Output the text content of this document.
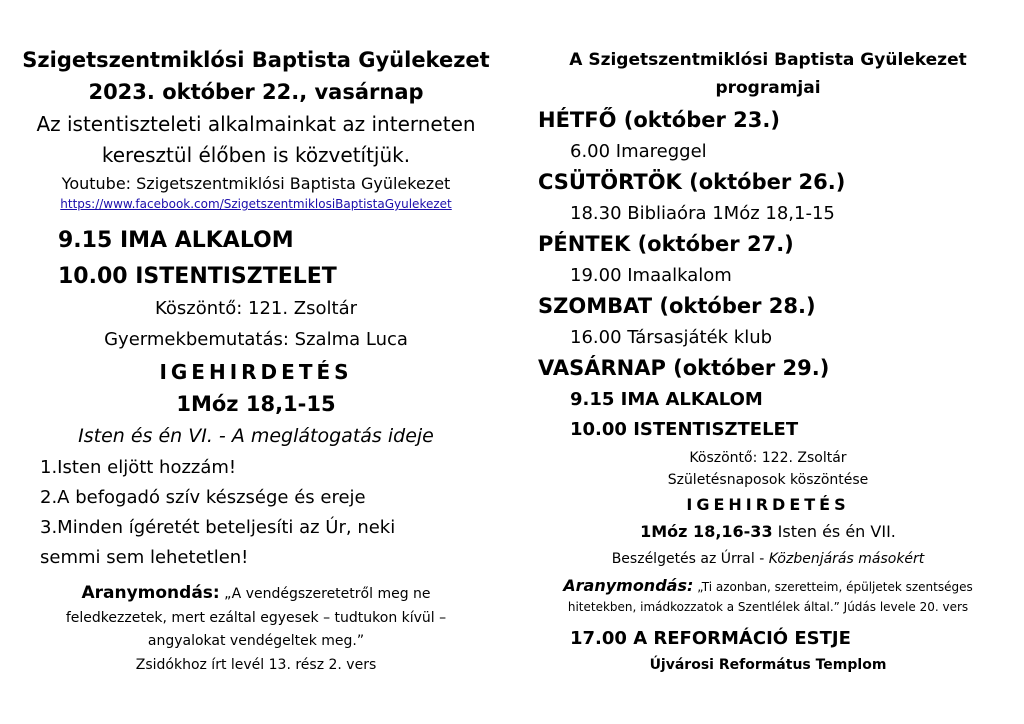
Szigetszentmiklósi Baptista Gyülekezet
2023. október 22., vasárnap
Az istentiszteleti alkalmainkat az interneten
keresztül élőben is közvetítjük.
Youtube: Szigetszentmiklósi Baptista Gyülekezet
https://www.facebook.com/SzigetszentmiklosiBaptistaGyulekezet
9.15 IMA ALKALOM
10.00 ISTENTISZTELET
Köszöntő: 121. Zsoltár
Gyermekbemutatás: Szalma Luca
IGEHIRDETÉS
1Móz 18,1-15
Isten és én VI. - A meglátogatás ideje
1.Isten eljött hozzám!
2.A befogadó szív készsége és ereje
3.Minden ígéretét beteljesíti az Úr, neki
semmi sem lehetetlen!
Aranymondás: „A vendégszeretetről meg ne
feledkezzetek, mert ezáltal egyesek – tudtukon kívül –
angyalokat vendégeltek meg.”
Zsidókhoz írt levél 13. rész 2. vers
A Szigetszentmiklósi Baptista Gyülekezet
programjai
HÉTFŐ (október 23.)
6.00 Imareggel
CSÜTÖRTÖK (október 26.)
18.30 Bibliaóra 1Móz 18,1-15
PÉNTEK (október 27.)
19.00 Imaalkalom
SZOMBAT (október 28.)
16.00 Társasjáték klub
VASÁRNAP (október 29.)
9.15 IMA ALKALOM
10.00 ISTENTISZTELET
Köszöntő: 122. Zsoltár
Születésnaposok köszöntése
IGEHIRDETÉS
1Móz 18,16-33 Isten és én VII.
Beszélgetés az Úrral - Közbenjárás másokért
Aranymondás: „Ti azonban, szeretteim, épüljetek szentséges
hitetekben, imádkozzatok a Szentlélek által.” Júdás levele 20. vers
17.00 A REFORMÁCIÓ ESTJE
Újvárosi Református Templom
